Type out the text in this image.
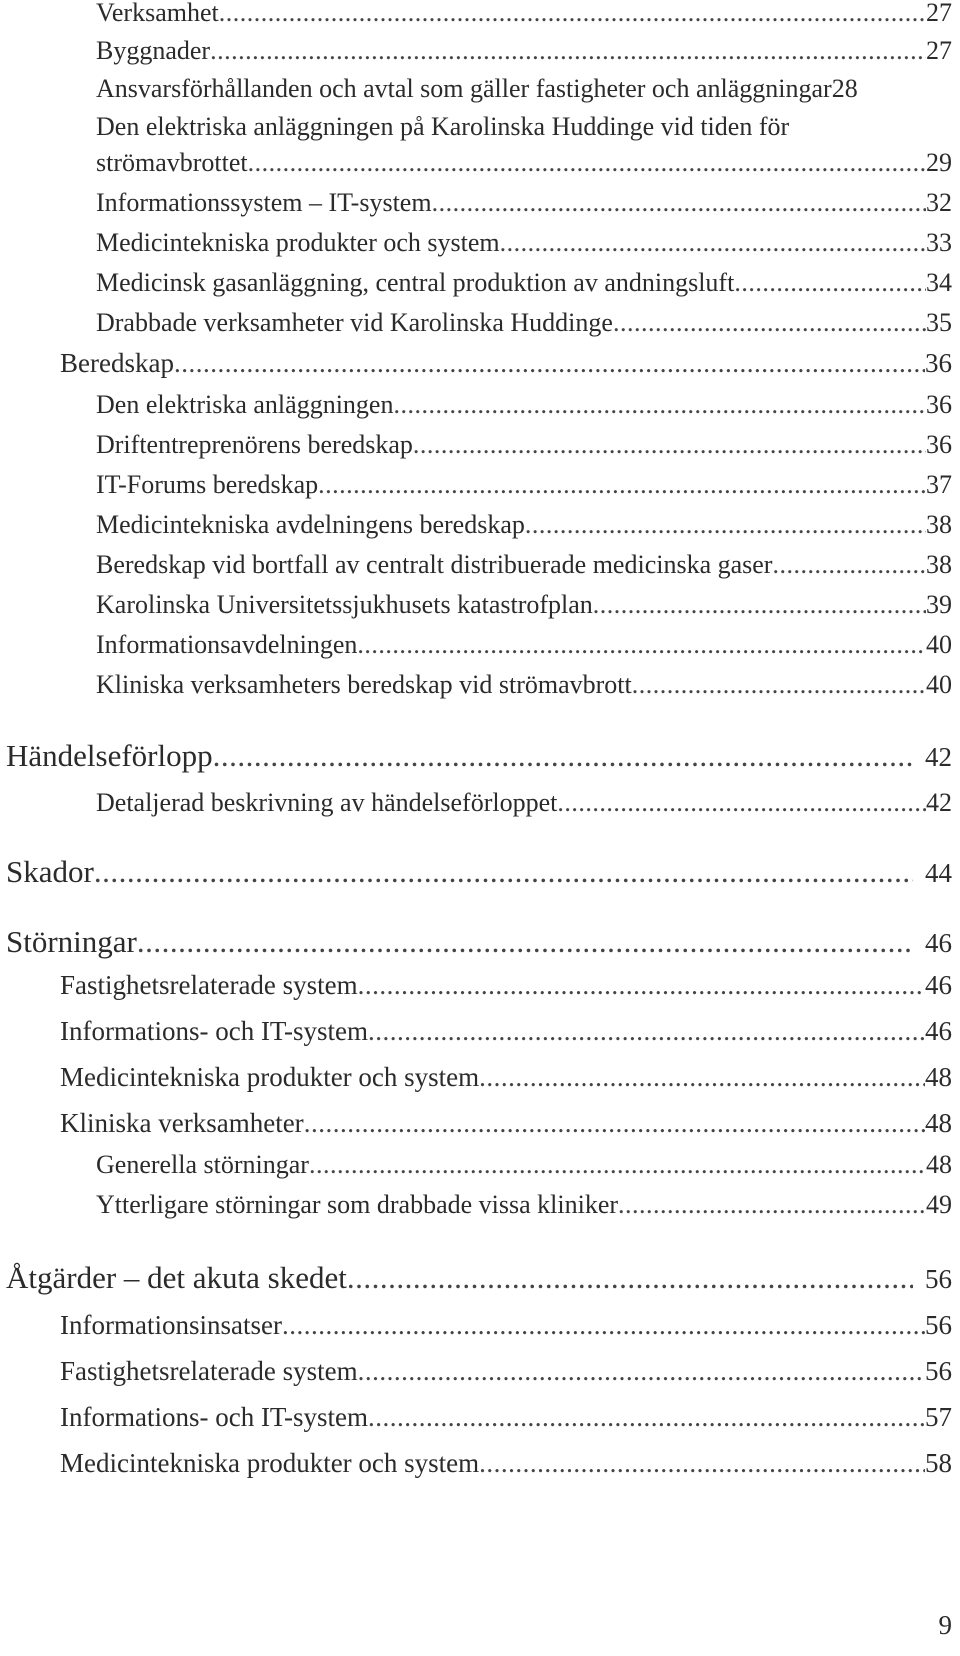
Verksamhet .....	27
Byggnader .....	27
Ansvarsförhållanden och avtal som gäller fastigheter och anläggningar 28
Den elektriska anläggningen på Karolinska Huddinge vid tiden för
strömavbrottet .....	29
Informationssystem – IT-system .....	32
Medicintekniska produkter och system .....	33
Medicinsk gasanläggning, central produktion av andningsluft .....	34
Drabbade verksamheter vid Karolinska Huddinge .....	35
Beredskap .....	36
Den elektriska anläggningen .....	36
Driftentreprenörens beredskap .....	36
IT-Forums beredskap .....	37
Medicintekniska avdelningens beredskap .....	38
Beredskap vid bortfall av centralt distribuerade medicinska gaser .....	38
Karolinska Universitetssjukhusets katastrofplan .....	39
Informationsavdelningen .....	40
Kliniska verksamheters beredskap vid strömavbrott .....	40
Händelseförlopp .....	42
Detaljerad beskrivning av händelseförloppet .....	42
Skador .....	44
Störningar .....	46
Fastighetsrelaterade system .....	46
Informations- och IT-system .....	46
Medicintekniska produkter och system .....	48
Kliniska verksamheter .....	48
Generella störningar .....	48
Ytterligare störningar som drabbade vissa kliniker .....	49
Åtgärder – det akuta skedet .....	56
Informationsinsatser .....	56
Fastighetsrelaterade system .....	56
Informations- och IT-system .....	57
Medicintekniska produkter och system .....	58
9
